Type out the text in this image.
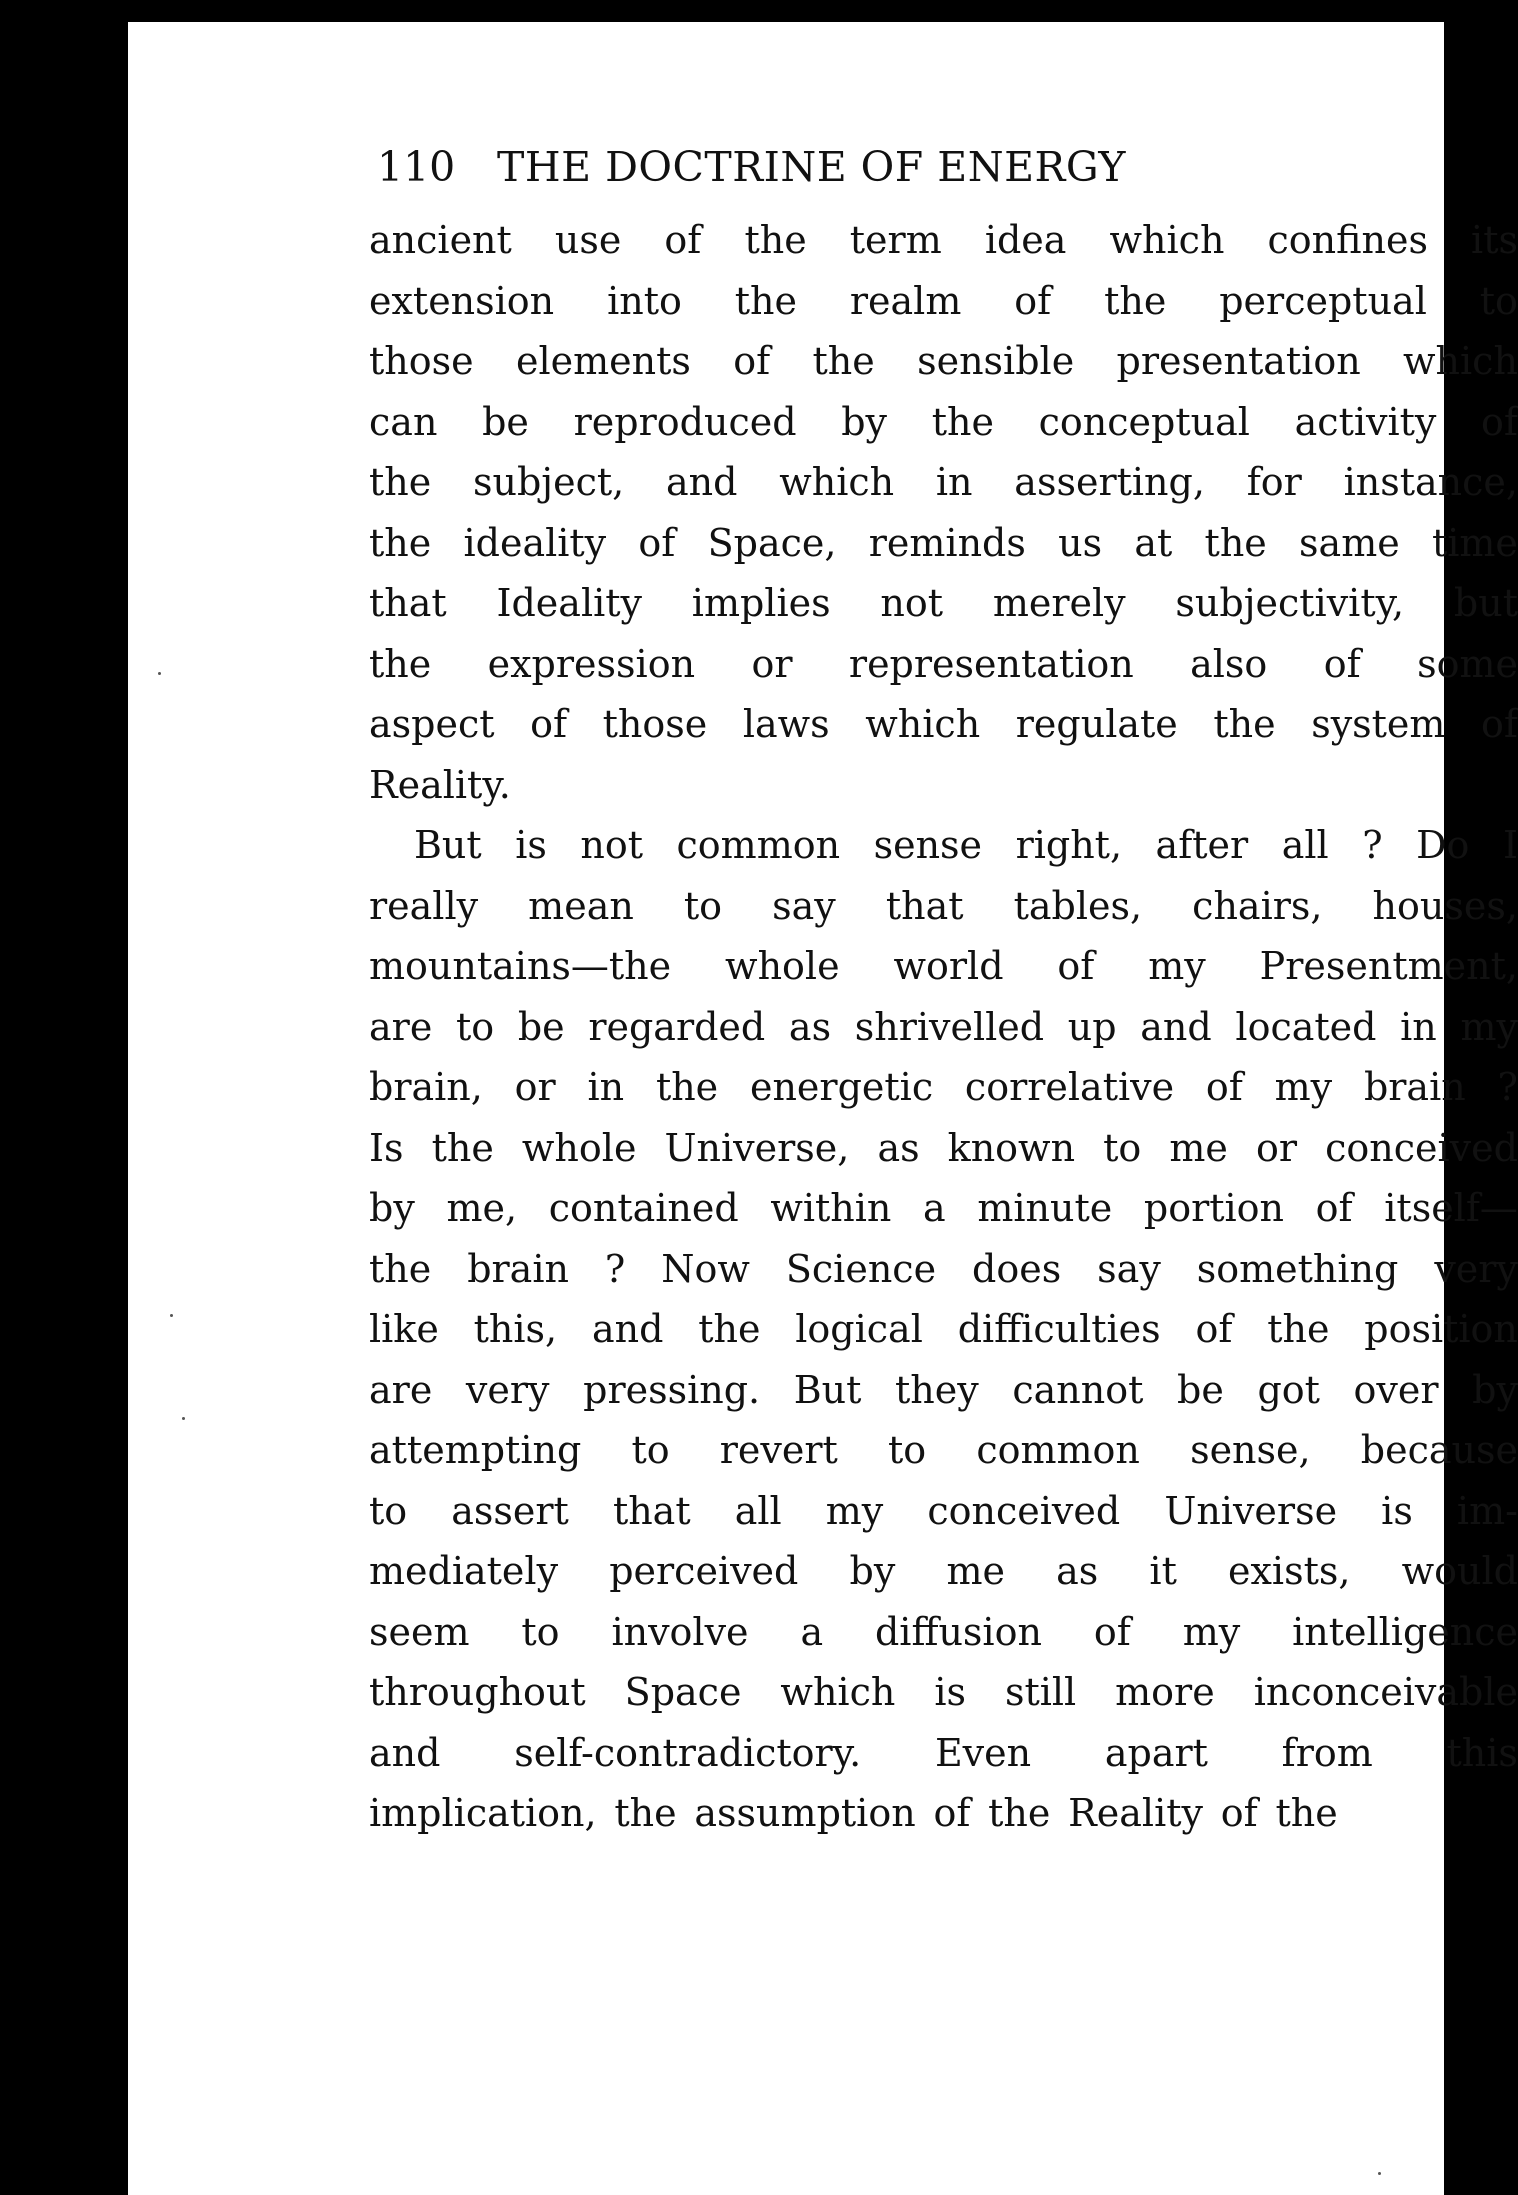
110	THE DOCTRINE OF ENERGY
ancient use of the term idea which confines its
extension into the realm of the perceptual to
those elements of the sensible presentation which
can be reproduced by the conceptual activity of
the subject, and which in asserting, for instance,
the ideality of Space, reminds us at the same time
that Ideality implies not merely subjectivity, but
the expression or representation also of some
aspect of those laws which regulate the system of
Reality.
But is not common sense right, after all ? Do I
really mean to say that tables, chairs, houses,
mountains—the whole world of my Presentment,
are to be regarded as shrivelled up and located in my
brain, or in the energetic correlative of my brain ?
Is the whole Universe, as known to me or conceived
by me, contained within a minute portion of itself—
the brain ? Now Science does say something very
like this, and the logical difficulties of the position
are very pressing. But they cannot be got over by
attempting to revert to common sense, because
to assert that all my conceived Universe is im-
mediately perceived by me as it exists, would
seem to involve a diffusion of my intelligence
throughout Space which is still more inconceivable
and self-contradictory. Even apart from this
implication, the assumption of the Reality of the
